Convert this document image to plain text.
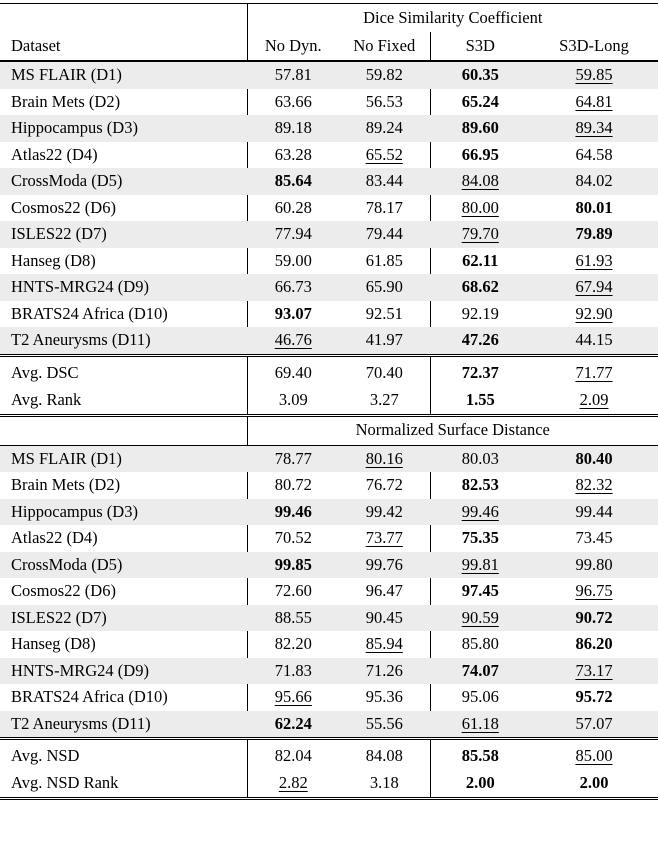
	Dice Similarity Coefficient			
Dataset	No Dyn.	No Fixed	S3D	S3D-Long
MS FLAIR (D1)	57.81	59.82	60.35	59.85
Brain Mets (D2)	63.66	56.53	65.24	64.81
Hippocampus (D3)	89.18	89.24	89.60	89.34
Atlas22 (D4)	63.28	65.52	66.95	64.58
CrossModa (D5)	85.64	83.44	84.08	84.02
Cosmos22 (D6)	60.28	78.17	80.00	80.01
ISLES22 (D7)	77.94	79.44	79.70	79.89
Hanseg (D8)	59.00	61.85	62.11	61.93
HNTS-MRG24 (D9)	66.73	65.90	68.62	67.94
BRATS24 Africa (D10)	93.07	92.51	92.19	92.90
T2 Aneurysms (D11)	46.76	41.97	47.26	44.15
Avg. DSC	69.40	70.40	72.37	71.77
Avg. Rank	3.09	3.27	1.55	2.09
	Normalized Surface Distance			
MS FLAIR (D1)	78.77	80.16	80.03	80.40
Brain Mets (D2)	80.72	76.72	82.53	82.32
Hippocampus (D3)	99.46	99.42	99.46	99.44
Atlas22 (D4)	70.52	73.77	75.35	73.45
CrossModa (D5)	99.85	99.76	99.81	99.80
Cosmos22 (D6)	72.60	96.47	97.45	96.75
ISLES22 (D7)	88.55	90.45	90.59	90.72
Hanseg (D8)	82.20	85.94	85.80	86.20
HNTS-MRG24 (D9)	71.83	71.26	74.07	73.17
BRATS24 Africa (D10)	95.66	95.36	95.06	95.72
T2 Aneurysms (D11)	62.24	55.56	61.18	57.07
Avg. NSD	82.04	84.08	85.58	85.00
Avg. NSD Rank	2.82	3.18	2.00	2.00
